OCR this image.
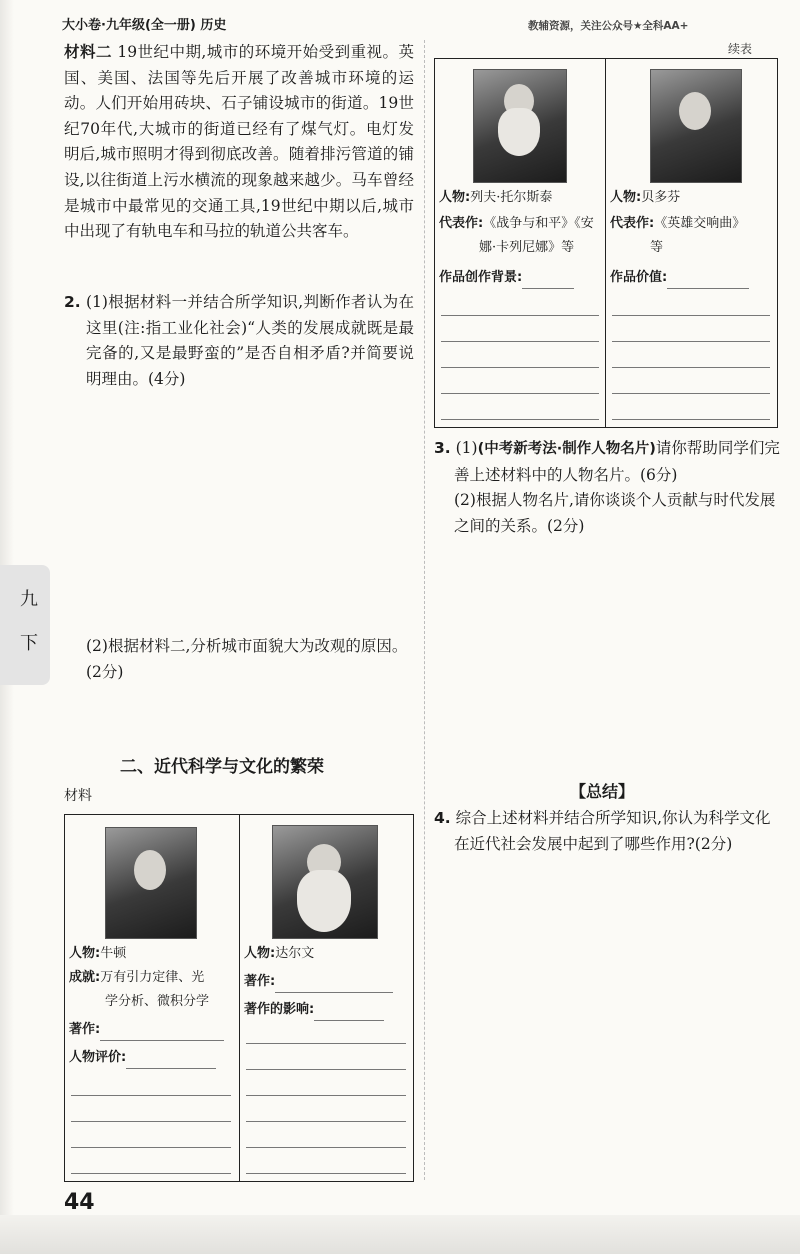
大小卷·九年级(全一册) 历史	教辅资源，关注公众号★全科AA+
续表

材料二 19世纪中期,城市的环境开始受到重视。英国、美国、法国等先后开展了改善城市环境的运动。人们开始用砖块、石子铺设城市的街道。19世纪70年代,大城市的街道已经有了煤气灯。电灯发明后,城市照明才得到彻底改善。随着排污管道的铺设,以往街道上污水横流的现象越来越少。马车曾经是城市中最常见的交通工具,19世纪中期以后,城市中出现了有轨电车和马拉的轨道公共客车。

2. (1)根据材料一并结合所学知识,判断作者认为在这里(注:指工业化社会)“人类的发展成就既是最完备的,又是最野蛮的”是否自相矛盾?并简要说明理由。(4分)

(2)根据材料二,分析城市面貌大为改观的原因。(2分)

九
下
二、近代科学与文化的繁荣
材料
人物:牛顿
成就:万有引力定律、光
学分析、微积分学
著作:
人物评价:
人物:达尔文
著作:
著作的影响:
人物:列夫·托尔斯泰
代表作:《战争与和平》《安
娜·卡列尼娜》等
作品创作背景:
人物:贝多芬
代表作:《英雄交响曲》
等
作品价值:

3. (1)(中考新考法·制作人物名片)请你帮助同学们完善上述材料中的人物名片。(6分)

(2)根据人物名片,请你谈谈个人贡献与时代发展之间的关系。(2分)

【总结】

4. 综合上述材料并结合所学知识,你认为科学文化在近代社会发展中起到了哪些作用?(2分)

44
